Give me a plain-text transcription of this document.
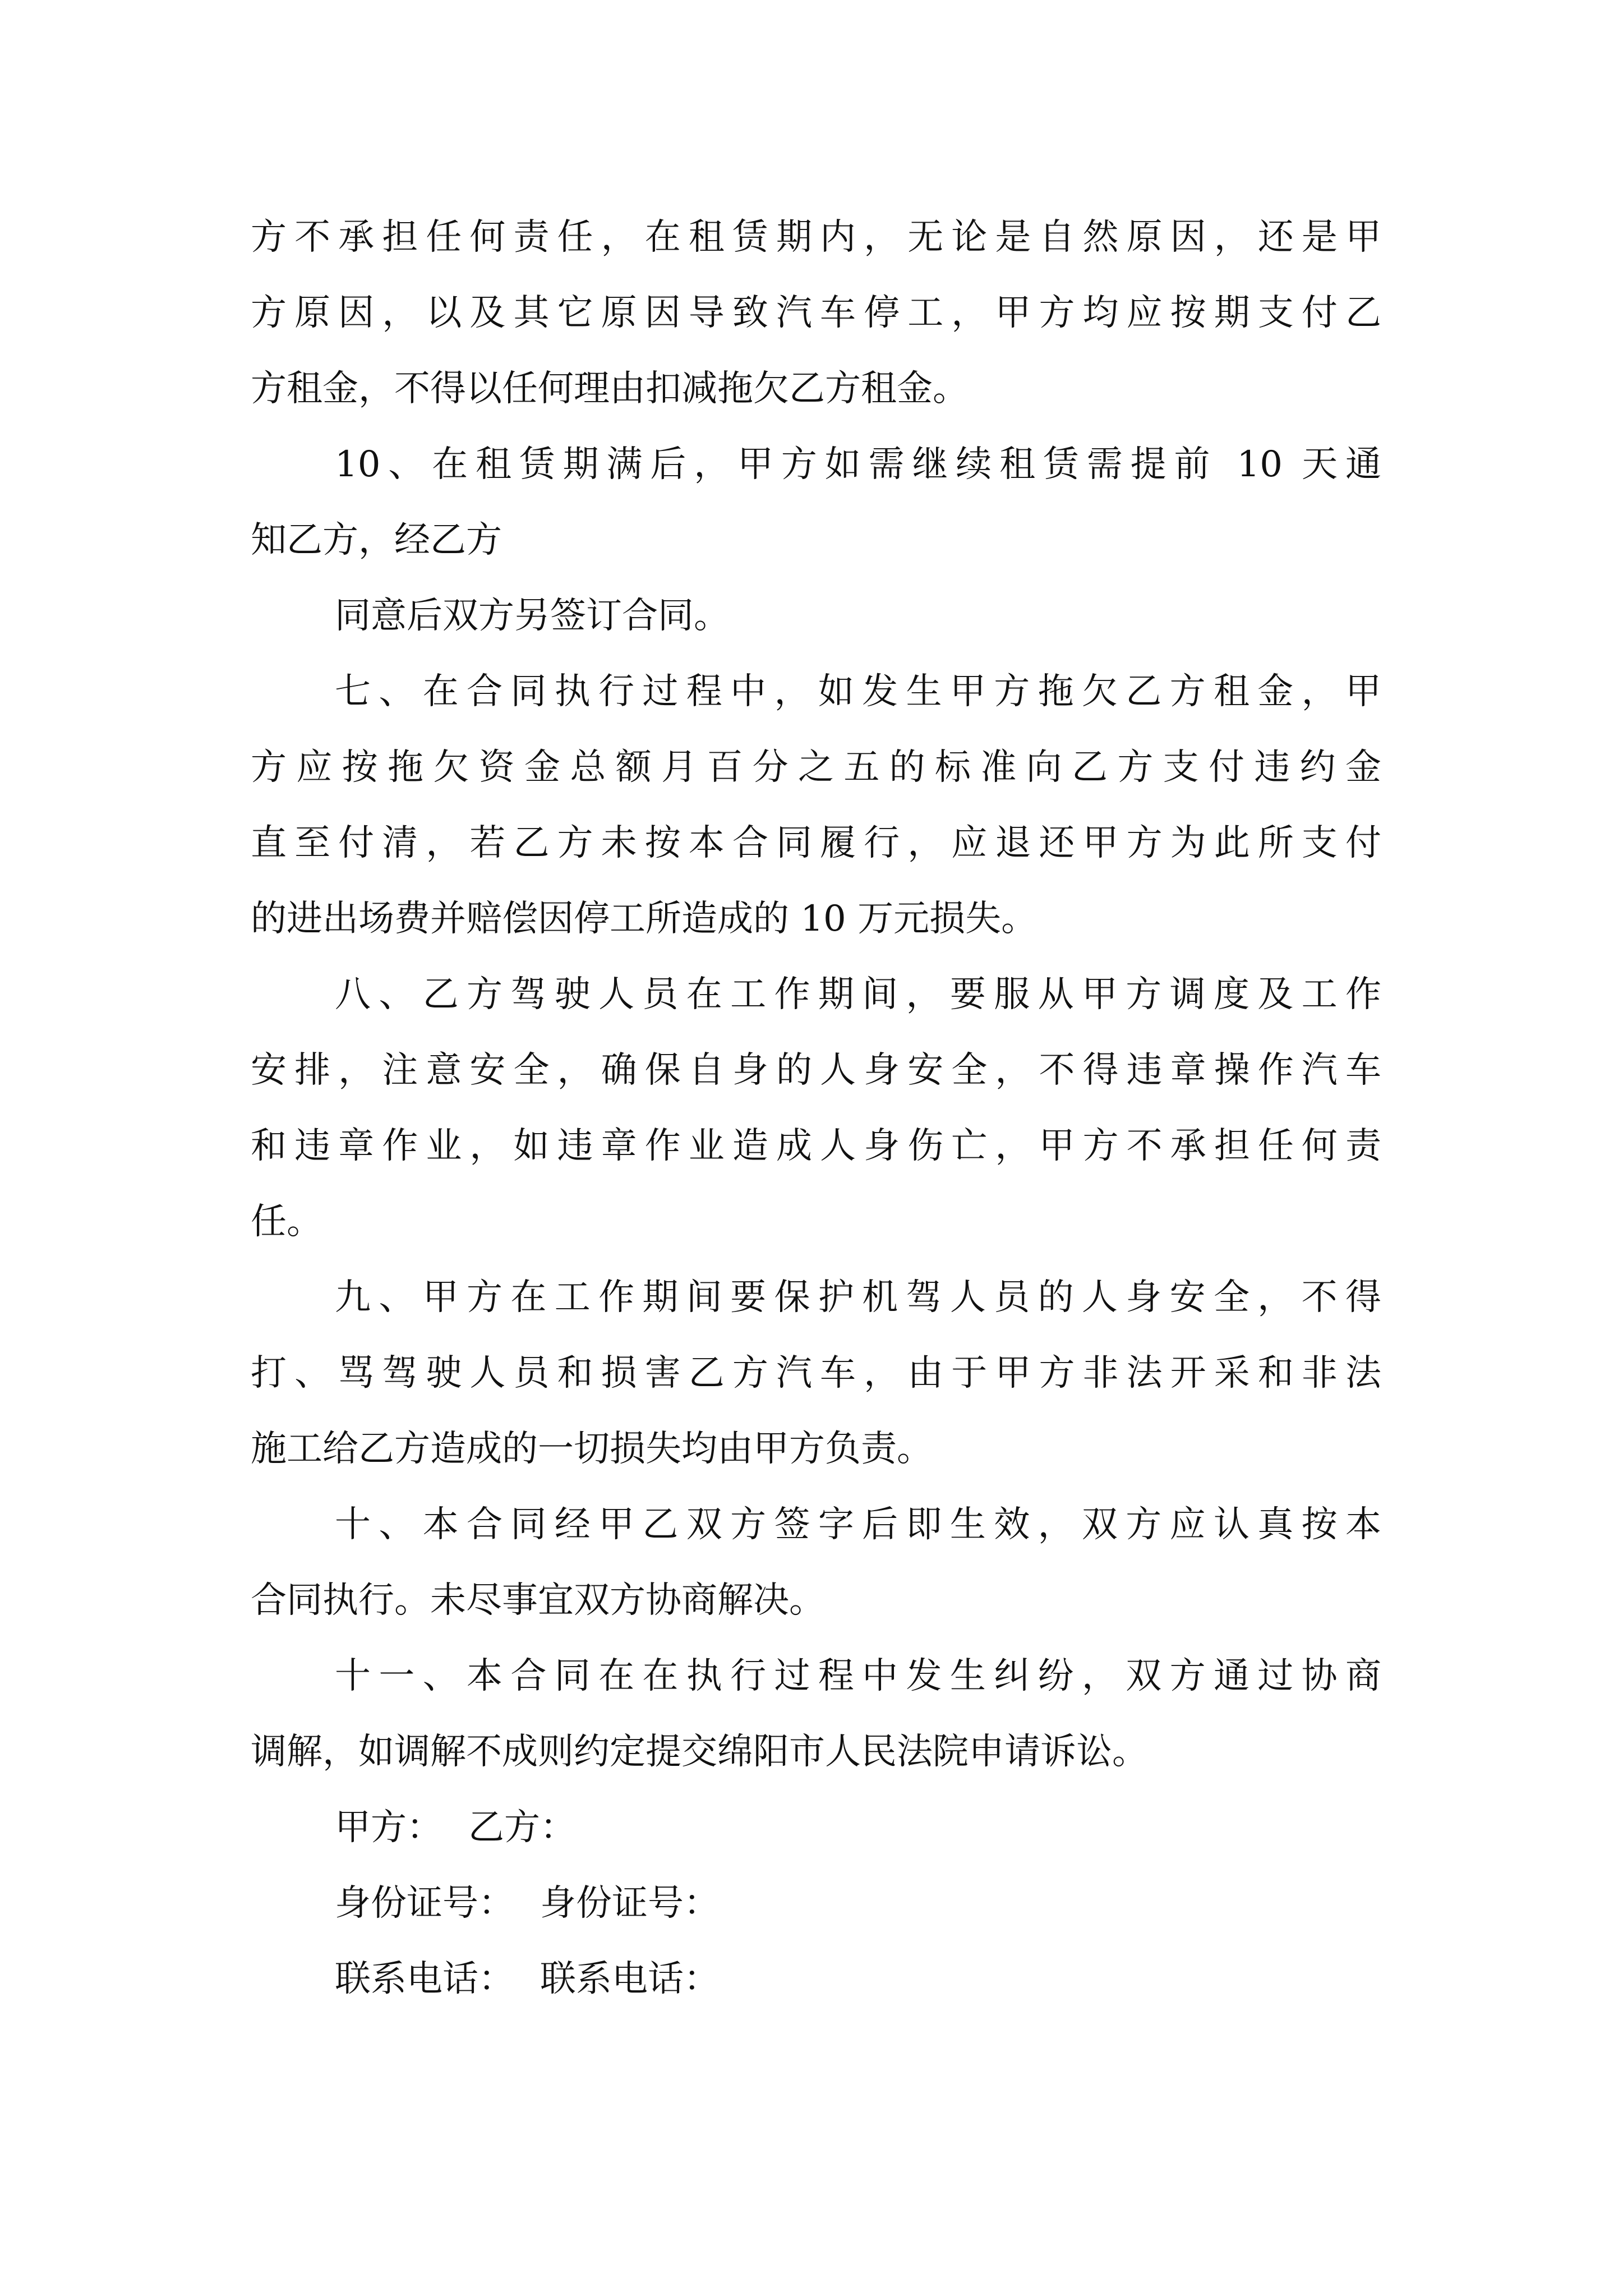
方不承担任何责任，在租赁期内，无论是自然原因，还是甲
方原因，以及其它原因导致汽车停工，甲方均应按期支付乙
方租金，不得以任何理由扣减拖欠乙方租金。
10、在租赁期满后，甲方如需继续租赁需提前 10 天通
知乙方，经乙方
同意后双方另签订合同。
七、在合同执行过程中，如发生甲方拖欠乙方租金，甲
方应按拖欠资金总额月百分之五的标准向乙方支付违约金
直至付清，若乙方未按本合同履行，应退还甲方为此所支付
的进出场费并赔偿因停工所造成的 10 万元损失。
八、乙方驾驶人员在工作期间，要服从甲方调度及工作
安排，注意安全，确保自身的人身安全，不得违章操作汽车
和违章作业，如违章作业造成人身伤亡，甲方不承担任何责
任。
九、甲方在工作期间要保护机驾人员的人身安全，不得
打、骂驾驶人员和损害乙方汽车，由于甲方非法开采和非法
施工给乙方造成的一切损失均由甲方负责。
十、本合同经甲乙双方签字后即生效，双方应认真按本
合同执行。未尽事宜双方协商解决。
十一、本合同在在执行过程中发生纠纷，双方通过协商
调解，如调解不成则约定提交绵阳市人民法院申请诉讼。
甲方： 乙方：
身份证号： 身份证号：
联系电话： 联系电话：
